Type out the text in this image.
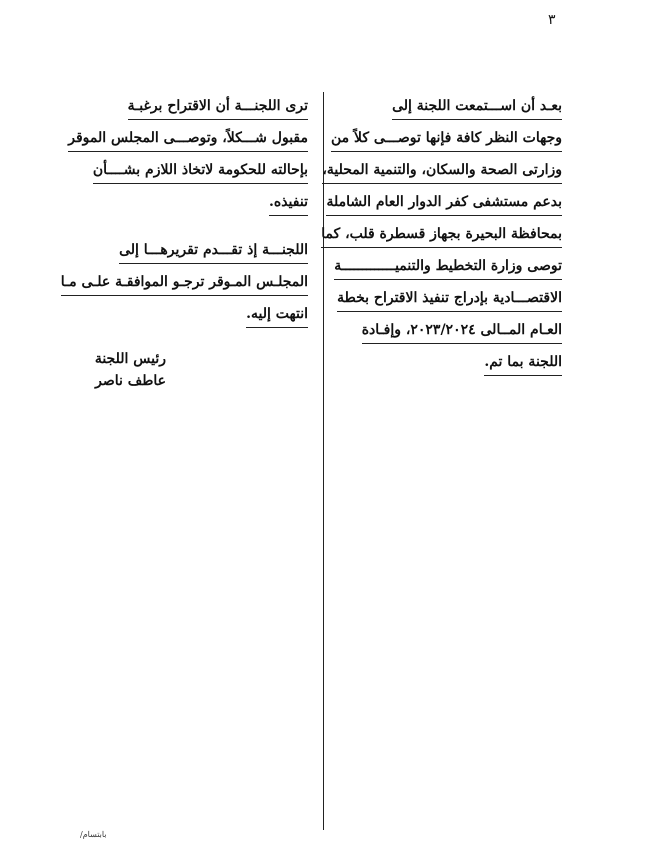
٣

بعـد أن اســـتمعت اللجنة إلى

وجهات النظر كافة فإنها توصـــى كلاً من

وزارتى الصحة والسكان، والتنمية المحلية،

بدعم مستشفى كفر الدوار العام الشاملة

بمحافظة البحيرة بجهاز قسطرة قلب، كما

توصى وزارة التخطيط والتنميـــــــــــــة

الاقتصـــادية بإدراج تنفيذ الاقتراح بخطة

العـام المــالى ٢٠٢٣/٢٠٢٤، وإفـادة

اللجنة بما تم.

ترى اللجنـــة أن الاقتراح برغبـة

مقبول شـــكلاً، وتوصـــى المجلس الموقر

بإحالته للحكومة لاتخاذ اللازم بشــــأن

تنفيذه.

اللجنـــة إذ تقـــدم تقريرهـــا إلى

المجلـس المـوقر ترجـو الموافقـة علـى مـا

انتهت إليه.

رئيس اللجنة
عاطف ناصر
/بابتسام
